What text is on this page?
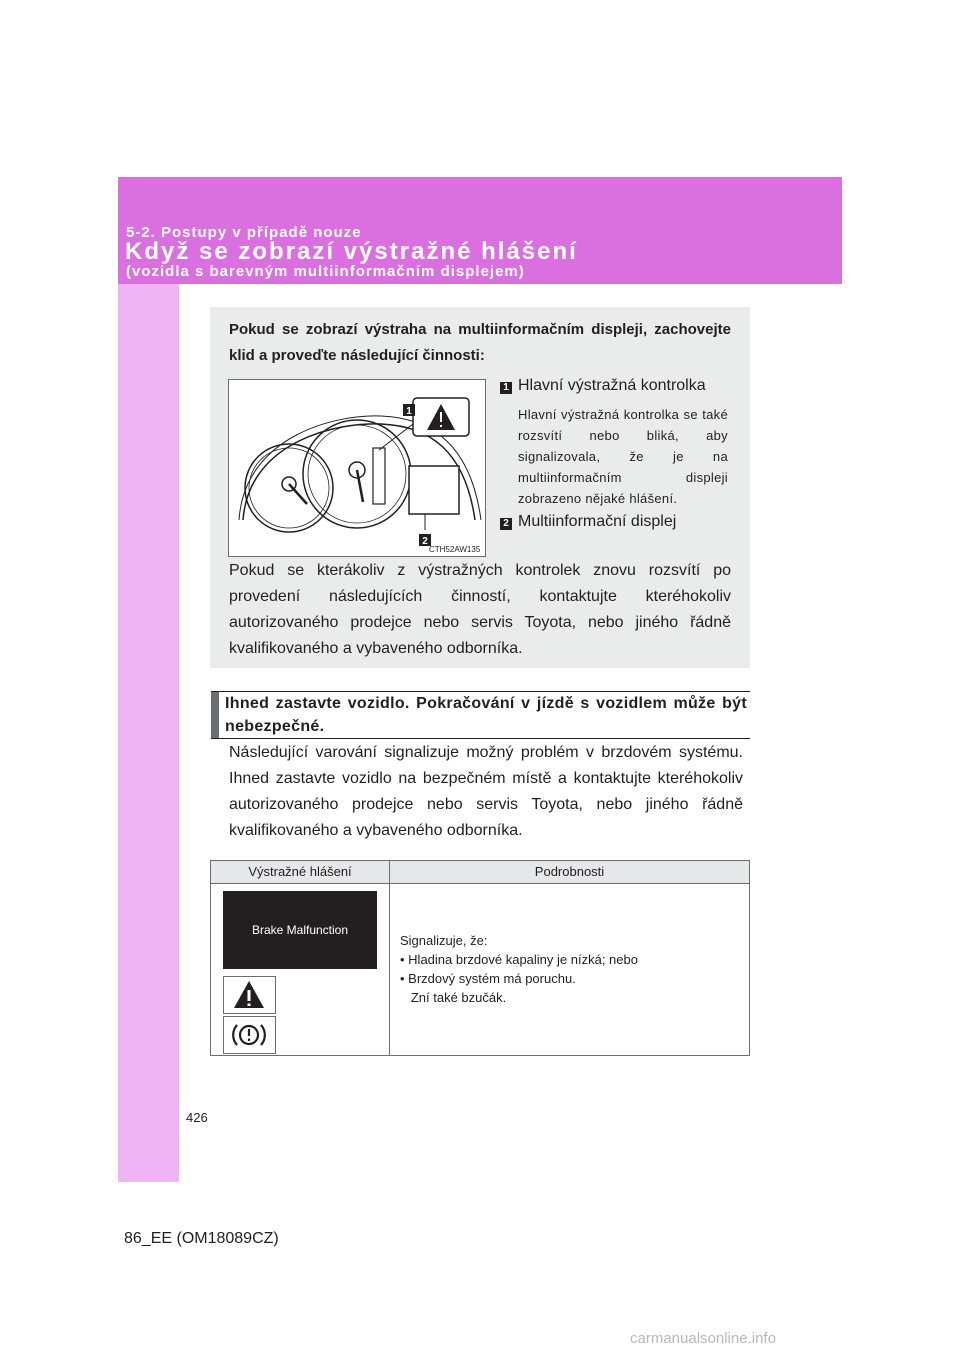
5-2. Postupy v případě nouze
Když se zobrazí výstražné hlášení
(vozidla s barevným multiinformačním displejem)
Pokud se zobrazí výstraha na multiinformačním displeji, zachovejte klid a proveďte následující činnosti:
2
1
CTH52AW135
1 Hlavní výstražná kontrolka
Hlavní výstražná kontrolka se také rozsvítí nebo bliká, aby signalizovala, že je na multiinformačním displeji zobrazeno nějaké hlášení.
2 Multiinformační displej
Pokud se kterákoliv z výstražných kontrolek znovu rozsvítí po provedení následujících činností, kontaktujte kteréhokoliv autorizovaného prodejce nebo servis Toyota, nebo jiného řádně kvalifikovaného a vybaveného odborníka.
Ihned zastavte vozidlo. Pokračování v jízdě s vozidlem může být nebezpečné.
Následující varování signalizuje možný problém v brzdovém systému. Ihned zastavte vozidlo na bezpečném místě a kontaktujte kteréhokoliv autorizovaného prodejce nebo servis Toyota, nebo jiného řádně kvalifikovaného a vybaveného odborníka.
Výstražné hlášení	Podrobnosti
Brake Malfunction
Signalizuje, že:
• Hladina brzdové kapaliny je nízká; nebo
• Brzdový systém má poruchu.
Zní také bzučák.
426
86_EE (OM18089CZ)
carmanualsonline.info
